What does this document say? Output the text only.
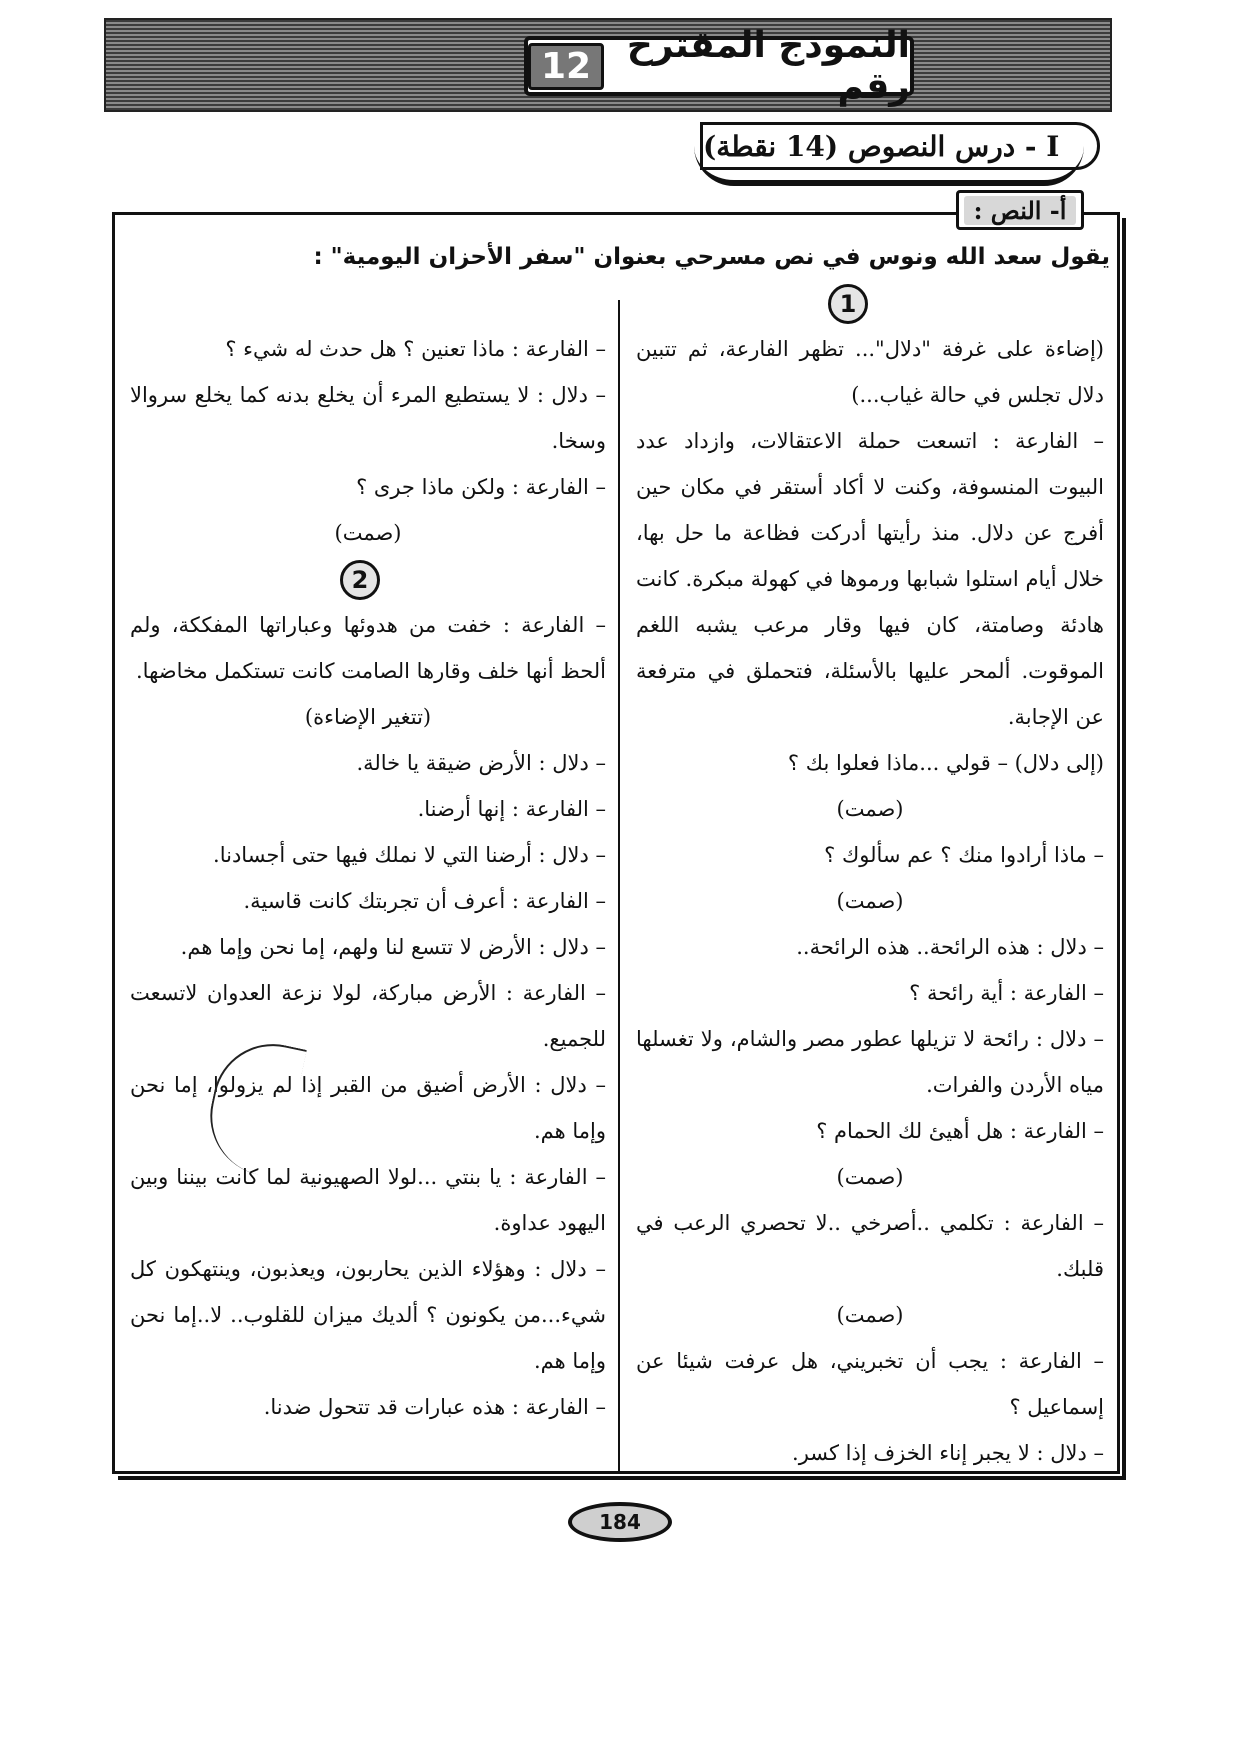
النموذج المقترح رقم
12
I - درس النصوص (14 نقطة)
أ- النص :
يقول سعد الله ونوس في نص مسرحي بعنوان "سفر الأحزان اليومية" :
1
2

(إضاءة على غرفة "دلال"... تظهر الفارعة، ثم تتبين دلال تجلس في حالة غياب...)

– الفارعة : اتسعت حملة الاعتقالات، وازداد عدد البيوت المنسوفة، وكنت لا أكاد أستقر في مكان حين أفرج عن دلال. منذ رأيتها أدركت فظاعة ما حل بها، خلال أيام استلوا شبابها ورموها في كهولة مبكرة. كانت هادئة وصامتة، كان فيها وقار مرعب يشبه اللغم الموقوت. ألمحر عليها بالأسئلة، فتحملق في مترفعة عن الإجابة.

(إلى دلال) – قولي ...ماذا فعلوا بك ؟

(صمت)

– ماذا أرادوا منك ؟ عم سألوك ؟

(صمت)

– دلال : هذه الرائحة.. هذه الرائحة..

– الفارعة : أية رائحة ؟

– دلال : رائحة لا تزيلها عطور مصر والشام، ولا تغسلها مياه الأردن والفرات.

– الفارعة : هل أهيئ لك الحمام ؟

(صمت)

– الفارعة : تكلمي ..أصرخي ..لا تحصري الرعب في قلبك.

(صمت)

– الفارعة : يجب أن تخبريني، هل عرفت شيئا عن إسماعيل ؟

– دلال : لا يجبر إناء الخزف إذا كسر.

– الفارعة : ماذا تعنين ؟ هل حدث له شيء ؟

– دلال : لا يستطيع المرء أن يخلع بدنه كما يخلع سروالا وسخا.

– الفارعة : ولكن ماذا جرى ؟

(صمت)

– الفارعة : خفت من هدوئها وعباراتها المفككة، ولم ألحظ أنها خلف وقارها الصامت كانت تستكمل مخاضها.

(تتغير الإضاءة)

– دلال : الأرض ضيقة يا خالة.

– الفارعة : إنها أرضنا.

– دلال : أرضنا التي لا نملك فيها حتى أجسادنا.

– الفارعة : أعرف أن تجربتك كانت قاسية.

– دلال : الأرض لا تتسع لنا ولهم، إما نحن وإما هم.

– الفارعة : الأرض مباركة، لولا نزعة العدوان لاتسعت للجميع.

– دلال : الأرض أضيق من القبر إذا لم يزولوا، إما نحن وإما هم.

– الفارعة : يا بنتي ...لولا الصهيونية لما كانت بيننا وبين اليهود عداوة.

– دلال : وهؤلاء الذين يحاربون، ويعذبون، وينتهكون كل شيء...من يكونون ؟ ألديك ميزان للقلوب.. لا..إما نحن وإما هم.

– الفارعة : هذه عبارات قد تتحول ضدنا.

184
